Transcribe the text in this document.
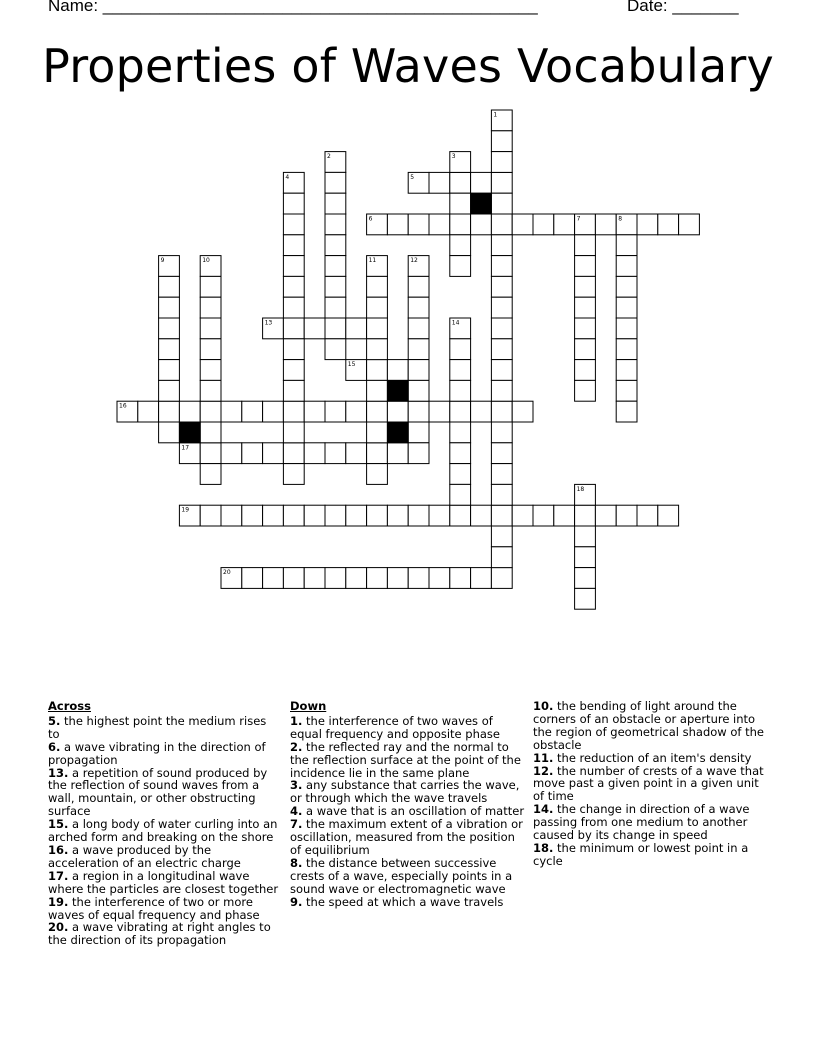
Name: ______________________________________________	Date: _______
Properties of Waves Vocabulary
5
6
13
15
16
17
19
20
1
2	3
4
7	8
9	10	11	12
14
18
Across
5. the highest point the medium rises to
6. a wave vibrating in the direction of propagation
13. a repetition of sound produced by the reflection of sound waves from a wall, mountain, or other obstructing surface
15. a long body of water curling into an arched form and breaking on the shore
16. a wave produced by the acceleration of an electric charge
17. a region in a longitudinal wave where the particles are closest together
19. the interference of two or more waves of equal frequency and phase
20. a wave vibrating at right angles to the direction of its propagation
Down
1. the interference of two waves of equal frequency and opposite phase
2. the reflected ray and the normal to the reflection surface at the point of the incidence lie in the same plane
3. any substance that carries the wave, or through which the wave travels
4. a wave that is an oscillation of matter
7. the maximum extent of a vibration or oscillation, measured from the position of equilibrium
8. the distance between successive crests of a wave, especially points in a sound wave or electromagnetic wave
9. the speed at which a wave travels
10. the bending of light around the corners of an obstacle or aperture into the region of geometrical shadow of the obstacle
11. the reduction of an item's density
12. the number of crests of a wave that move past a given point in a given unit of time
14. the change in direction of a wave passing from one medium to another caused by its change in speed
18. the minimum or lowest point in a cycle
